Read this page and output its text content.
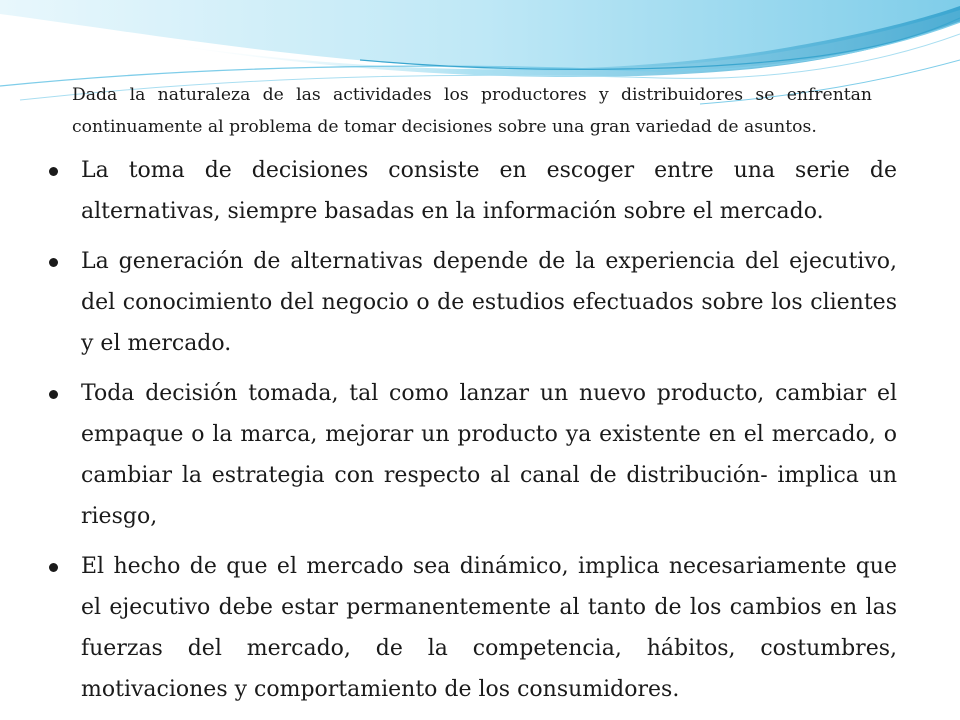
Dada la naturaleza de las actividades los productores y distribuidores se enfrentan continuamente al problema de tomar decisiones sobre una gran variedad de asuntos.

La toma de decisiones consiste en escoger entre una serie de alternativas, siempre basadas en la información sobre el mercado.
La generación de alternativas depende de la experiencia del ejecutivo, del conocimiento del negocio o de estudios efectuados sobre los clientes y el mercado.
Toda decisión tomada, tal como lanzar un nuevo producto, cambiar el empaque o la marca, mejorar un producto ya existente en el mercado, o cambiar la estrategia con respecto al canal de distribución- implica un riesgo,
El hecho de que el mercado sea dinámico, implica necesariamente que el ejecutivo debe estar permanentemente al tanto de los cambios en las fuerzas del mercado, de la competencia, hábitos, costumbres, motivaciones y comportamiento de los consumidores.
